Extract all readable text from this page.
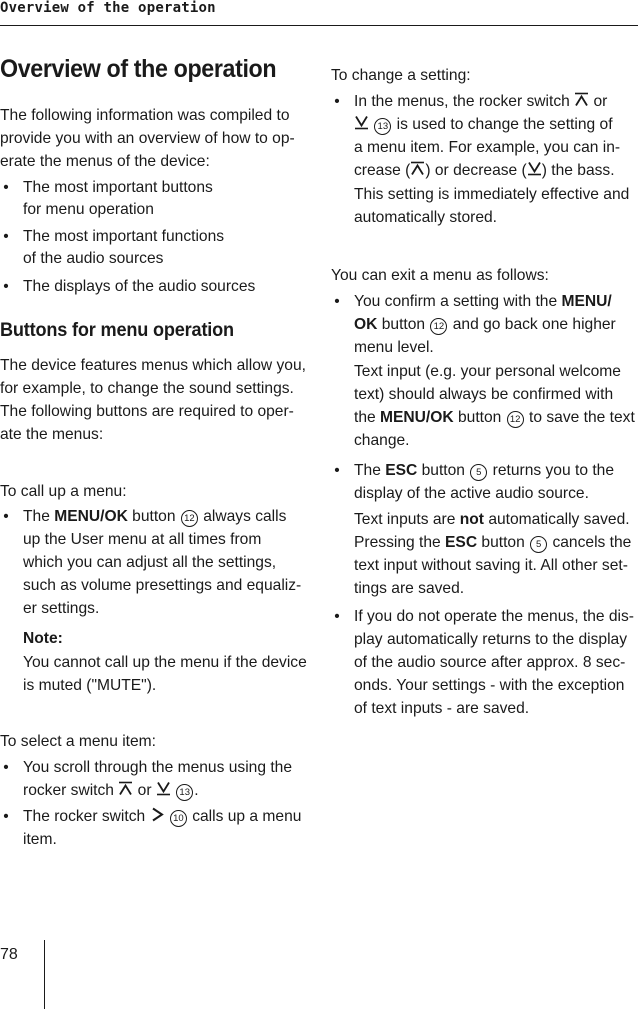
Overview of the operation
Overview of the operation
The following information was compiled to
provide you with an overview of how to op-
erate the menus of the device:
• The most important buttons
for menu operation
• The most important functions
of the audio sources
• The displays of the audio sources
Buttons for menu operation
The device features menus which allow you,
for example, to change the sound settings.
The following buttons are required to oper-
ate the menus:
To call up a menu:
• The MENU/OK button 12 always calls
up the User menu at all times from
which you can adjust all the settings,
such as volume presettings and equaliz-
er settings.
Note:
You cannot call up the menu if the device
is muted ("MUTE").
To select a menu item:
• You scroll through the menus using the
rocker switch  or  13 .
• The rocker switch  10 calls up a menu
item.
To change a setting:
• In the menus, the rocker switch  or
13 is used to change the setting of
a menu item. For example, you can in-
crease ( ) or decrease ( ) the bass.
This setting is immediately effective and
automatically stored.
You can exit a menu as follows:
• You confirm a setting with the MENU/
OK button 12 and go back one higher
menu level.
Text input (e.g. your personal welcome
text) should always be confirmed with
the MENU/OK button 12 to save the text
change.
• The ESC button 5 returns you to the
display of the active audio source.
Text inputs are not automatically saved.
Pressing the ESC button 5 cancels the
text input without saving it. All other set-
tings are saved.
• If you do not operate the menus, the dis-
play automatically returns to the display
of the audio source after approx. 8 sec-
onds. Your settings - with the exception
of text inputs - are saved.
78
